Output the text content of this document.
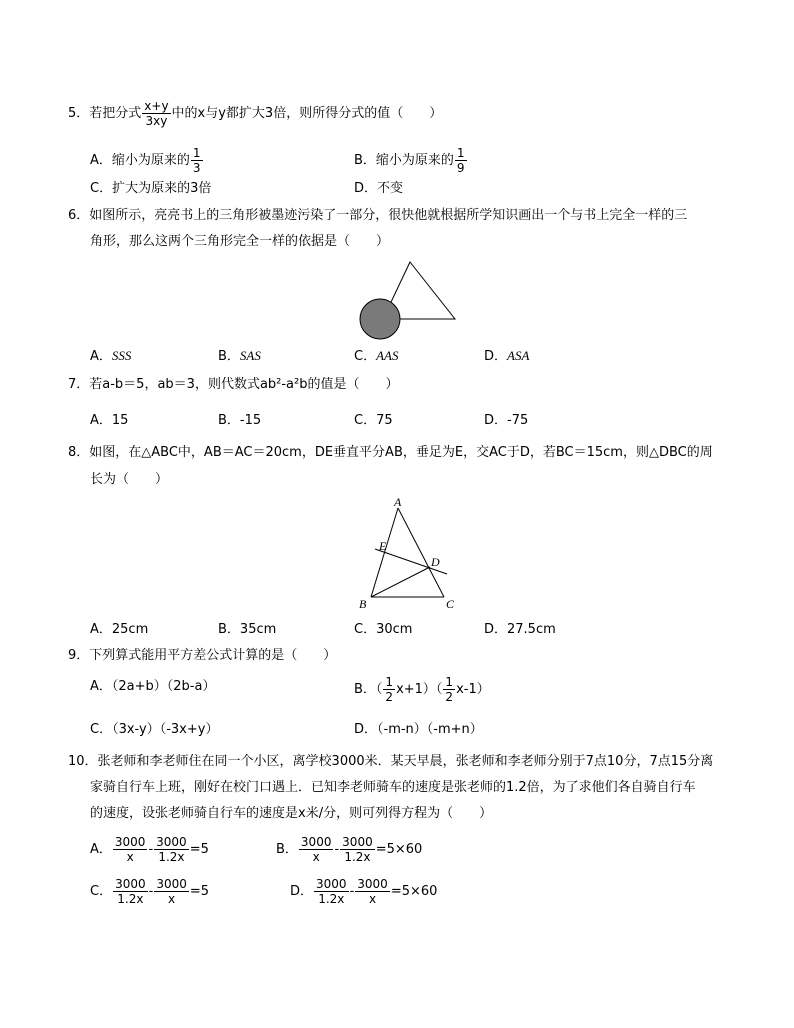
5．若把分式 $\frac{x+y}{3xy}$ 中的x与y都扩大3倍，则所得分式的值（　　）
A．缩小为原来的 $\frac{1}{3}$	B．缩小为原来的 $\frac{1}{9}$
C．扩大为原来的3倍	D．不变
6．如图所示，亮亮书上的三角形被墨迹污染了一部分，很快他就根据所学知识画出一个与书上完全一样的三
角形，那么这两个三角形完全一样的依据是（　　）
A．SSS	B．SAS	C．AAS	D．ASA
7．若a-b＝5，ab＝3，则代数式ab²-a²b的值是（　　）
A．15	B．-15	C．75	D．-75
8．如图，在△ABC中，AB＝AC＝20cm，DE垂直平分AB，垂足为E，交AC于D，若BC＝15cm，则△DBC的周
长为（　　）
A
B	C
D
E
A．25cm	B．35cm	C．30cm	D．27.5cm
9．下列算式能用平方差公式计算的是（　　）
A．（2a+b）（2b-a）	B．（ $\frac{1}{2} x+1)( \frac{1}{2} x-1)$
C．（3x-y）（-3x+y）	D．（-m-n）（-m+n）
10．张老师和李老师住在同一个小区，离学校3000米．某天早晨，张老师和李老师分别于7点10分，7点15分离
家骑自行车上班，刚好在校门口遇上．已知李老师骑车的速度是张老师的1.2倍，为了求他们各自骑自行车
的速度，设张老师骑自行车的速度是x米/分，则可列得方程为（　　）
A． $\frac{3000}{x} - \frac{3000}{1.2x} =5$	B． $\frac{3000}{x} - \frac{3000}{1.2x} =5\times 60$
C． $\frac{3000}{1.2x} - \frac{3000}{x} =5$	D． $\frac{3000}{1.2x} - \frac{3000}{x} =5\times 60$
